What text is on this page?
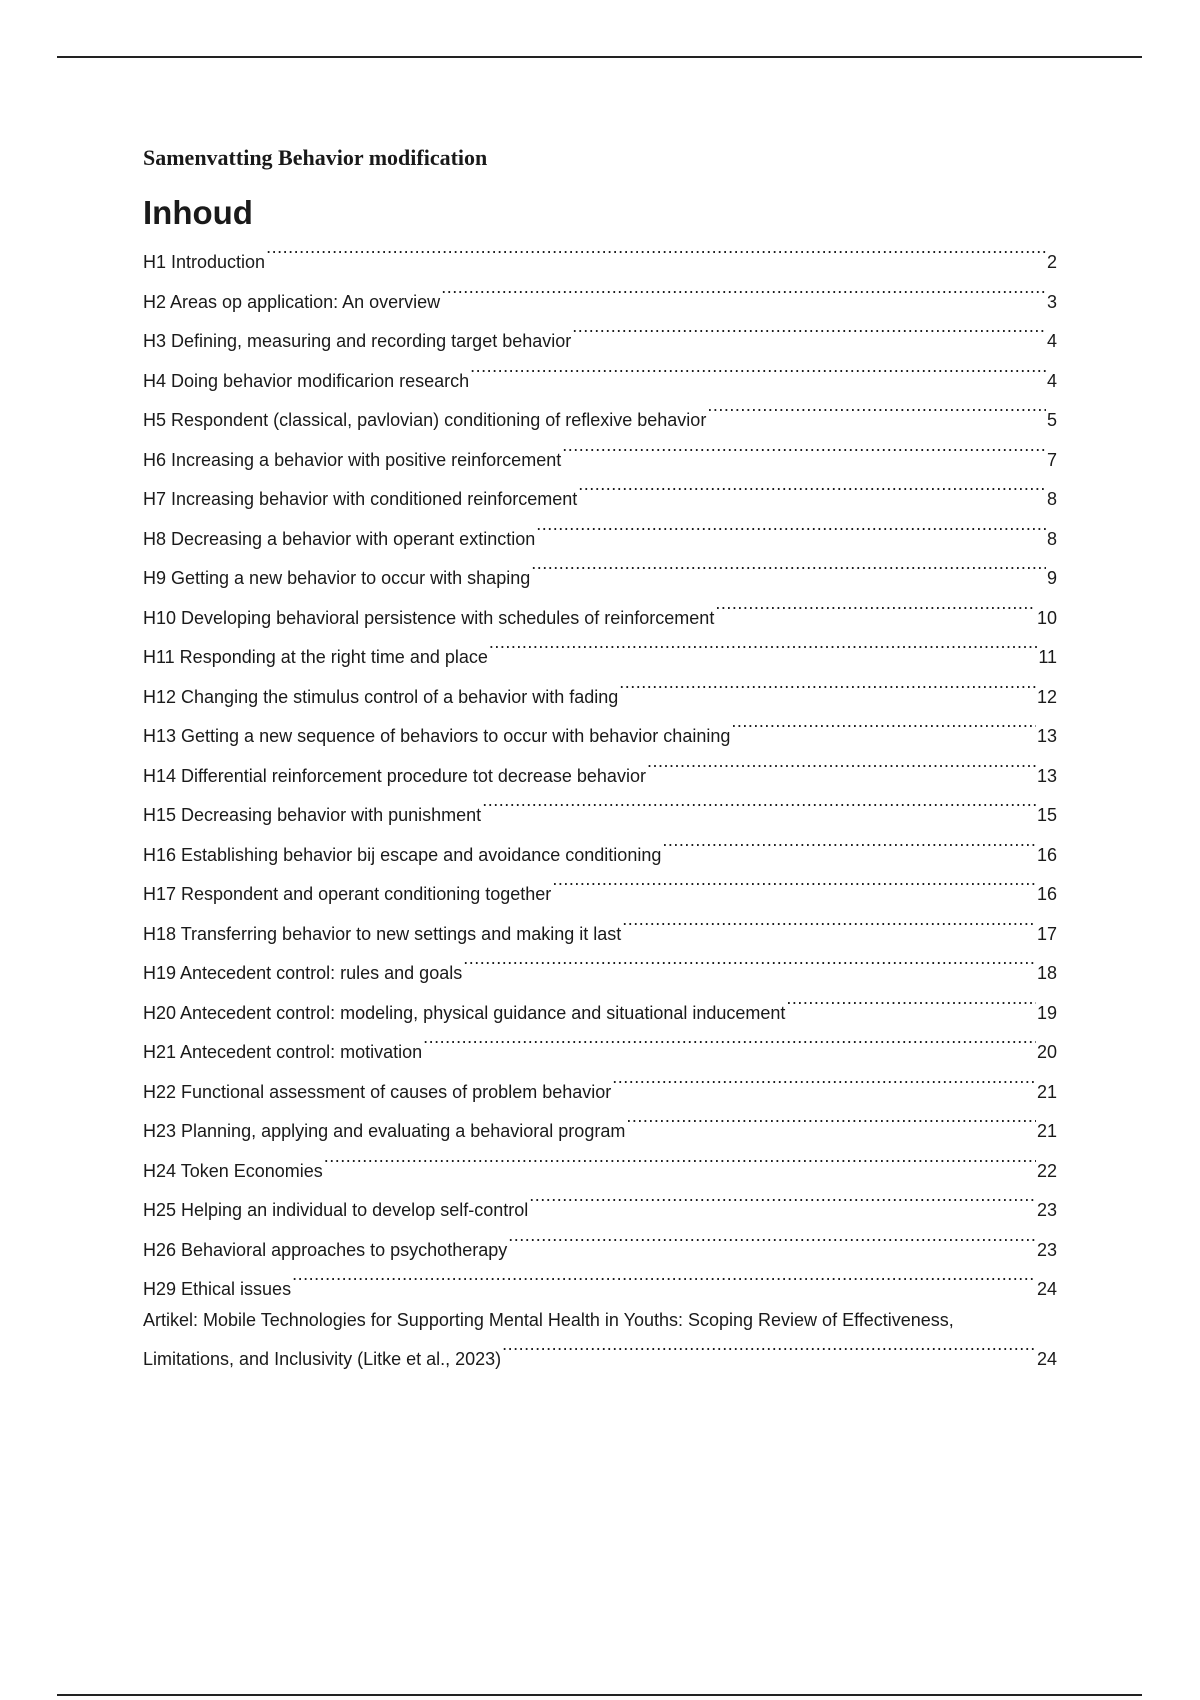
Samenvatting Behavior modification
Inhoud
H1 Introduction .....	2
H2 Areas op application: An overview .....	3
H3 Defining, measuring and recording target behavior .....	4
H4 Doing behavior modificarion research .....	4
H5 Respondent (classical, pavlovian) conditioning of reflexive behavior .....	5
H6 Increasing a behavior with positive reinforcement .....	7
H7 Increasing behavior with conditioned reinforcement .....	8
H8 Decreasing a behavior with operant extinction .....	8
H9 Getting a new behavior to occur with shaping .....	9
H10 Developing behavioral persistence with schedules of reinforcement .....	10
H11 Responding at the right time and place .....	11
H12 Changing the stimulus control of a behavior with fading .....	12
H13 Getting a new sequence of behaviors to occur with behavior chaining .....	13
H14 Differential reinforcement procedure tot decrease behavior .....	13
H15 Decreasing behavior with punishment .....	15
H16 Establishing behavior bij escape and avoidance conditioning .....	16
H17 Respondent and operant conditioning together .....	16
H18 Transferring behavior to new settings and making it last .....	17
H19 Antecedent control: rules and goals .....	18
H20 Antecedent control: modeling, physical guidance and situational inducement .....	19
H21 Antecedent control: motivation .....	20
H22 Functional assessment of causes of problem behavior .....	21
H23 Planning, applying and evaluating a behavioral program .....	21
H24 Token Economies .....	22
H25 Helping an individual to develop self-control .....	23
H26 Behavioral approaches to psychotherapy .....	23
H29 Ethical issues .....	24
Artikel: Mobile Technologies for Supporting Mental Health in Youths: Scoping Review of Effectiveness,
Limitations, and Inclusivity (Litke et al., 2023) .....	24
